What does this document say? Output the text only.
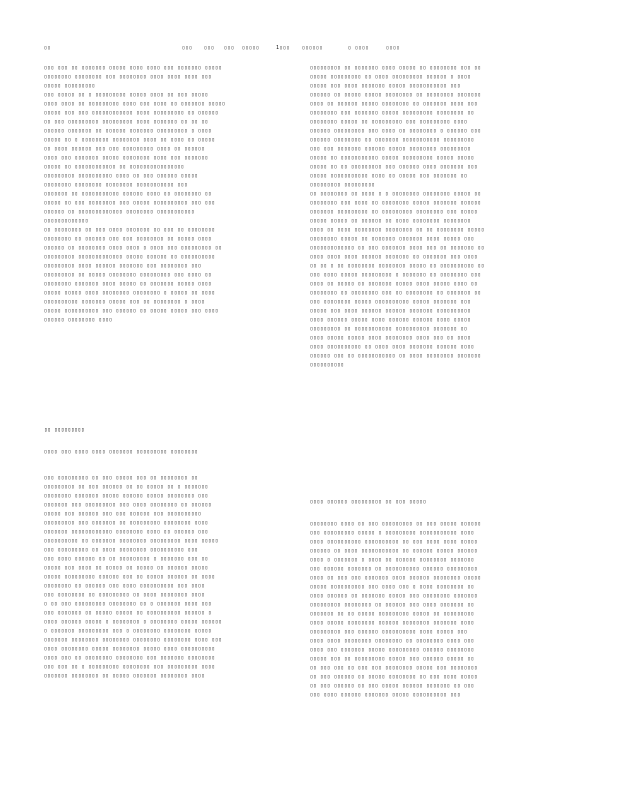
▯▯	▯▯▯ ▯▯▯ ▯▯▯ ▯▯▯▯▯	1▯▯▯ ▯▯▯▯▯▯	▯ ▯▯▯▯	▯▯▯▯
▯▯▯ ▯▯▯ ▯▯ ▯▯▯▯▯▯▯ ▯▯▯▯▯ ▯▯▯▯ ▯▯▯▯ ▯▯▯ ▯▯▯▯▯▯▯ ▯▯▯▯▯
▯▯▯▯▯▯▯▯ ▯▯▯▯▯▯▯▯ ▯▯▯ ▯▯▯▯▯▯▯▯ ▯▯▯▯ ▯▯▯▯ ▯▯▯▯ ▯▯▯
▯▯▯▯▯ ▯▯▯▯▯▯▯▯▯
▯▯▯ ▯▯▯▯▯ ▯▯ ▯ ▯▯▯▯▯▯▯▯▯ ▯▯▯▯▯ ▯▯▯▯ ▯▯ ▯▯▯ ▯▯▯▯▯
▯▯▯▯ ▯▯▯▯ ▯▯ ▯▯▯▯▯▯▯▯▯ ▯▯▯▯ ▯▯▯ ▯▯▯▯ ▯▯ ▯▯▯▯▯▯▯ ▯▯▯▯▯
▯▯▯▯▯ ▯▯▯ ▯▯▯ ▯▯▯▯▯▯▯▯▯▯▯▯ ▯▯▯▯ ▯▯▯▯▯▯▯▯▯ ▯▯ ▯▯▯▯▯▯
▯▯ ▯▯▯ ▯▯▯▯▯▯▯▯▯ ▯▯▯▯▯▯▯▯▯ ▯▯▯▯ ▯▯▯▯▯▯▯ ▯▯ ▯▯ ▯▯
▯▯▯▯▯▯ ▯▯▯▯▯▯▯ ▯▯ ▯▯▯▯▯▯ ▯▯▯▯▯▯▯ ▯▯▯▯▯▯▯▯▯ ▯ ▯▯▯▯
▯▯▯▯▯ ▯▯ ▯ ▯▯▯▯▯▯▯▯ ▯▯▯▯▯▯▯▯ ▯▯▯▯ ▯▯ ▯▯▯▯ ▯▯ ▯▯▯▯▯
▯▯ ▯▯▯▯ ▯▯▯▯▯▯ ▯▯▯ ▯▯▯ ▯▯▯▯▯▯▯▯▯ ▯▯▯▯ ▯▯ ▯▯▯▯▯▯
▯▯▯▯ ▯▯▯ ▯▯▯▯▯▯▯ ▯▯▯▯▯ ▯▯▯▯▯▯▯▯ ▯▯▯▯ ▯▯▯ ▯▯▯▯▯▯▯
▯▯▯▯▯ ▯▯ ▯▯▯▯▯▯▯▯▯▯▯▯ ▯▯ ▯▯▯▯▯▯▯▯▯▯▯▯▯▯▯▯
▯▯▯▯▯▯▯▯▯ ▯▯▯▯▯▯▯▯▯▯ ▯▯▯▯ ▯▯ ▯▯▯ ▯▯▯▯▯▯ ▯▯▯▯▯
▯▯▯▯▯▯▯▯ ▯▯▯▯▯▯▯▯ ▯▯▯▯▯▯▯▯ ▯▯▯▯▯▯▯▯▯▯▯ ▯▯▯
▯▯▯▯▯▯▯ ▯▯ ▯▯▯▯▯▯▯▯▯▯▯ ▯▯▯▯▯▯ ▯▯▯▯ ▯▯ ▯▯▯▯▯▯▯▯ ▯▯
▯▯▯▯▯ ▯▯ ▯▯▯ ▯▯▯▯▯▯▯▯ ▯▯▯ ▯▯▯▯▯ ▯▯▯▯▯▯▯▯▯▯ ▯▯▯ ▯▯▯
▯▯▯▯▯▯ ▯▯ ▯▯▯▯▯▯▯▯▯▯▯▯▯ ▯▯▯▯▯▯▯▯ ▯▯▯▯▯▯▯▯▯▯▯
▯▯▯▯▯▯▯▯▯▯▯▯▯
▯▯ ▯▯▯▯▯▯▯▯ ▯▯ ▯▯▯ ▯▯▯▯ ▯▯▯▯▯▯▯ ▯▯ ▯▯▯ ▯▯ ▯▯▯▯▯▯▯▯
▯▯▯▯▯▯▯▯ ▯▯ ▯▯▯▯▯▯ ▯▯▯ ▯▯▯ ▯▯▯▯▯▯▯▯ ▯▯ ▯▯▯▯▯ ▯▯▯▯
▯▯▯▯▯▯ ▯▯ ▯▯▯▯▯▯▯▯ ▯▯▯▯ ▯▯▯▯ ▯ ▯▯▯▯ ▯▯▯ ▯▯▯▯▯▯▯▯▯ ▯▯
▯▯▯▯▯▯▯▯▯ ▯▯▯▯▯▯▯▯▯▯▯▯▯ ▯▯▯▯▯ ▯▯▯▯▯▯ ▯▯ ▯▯▯▯▯▯▯▯▯▯
▯▯▯▯▯▯▯▯▯ ▯▯▯▯ ▯▯▯▯▯▯ ▯▯▯▯▯▯▯ ▯▯▯ ▯▯▯▯▯▯▯▯ ▯▯▯
▯▯▯▯▯▯▯▯▯ ▯▯ ▯▯▯▯▯ ▯▯▯▯▯▯▯▯ ▯▯▯▯▯▯▯▯▯ ▯▯▯ ▯▯▯▯ ▯▯
▯▯▯▯▯▯▯▯ ▯▯▯▯▯▯▯ ▯▯▯▯ ▯▯▯▯▯ ▯▯ ▯▯▯▯▯▯▯ ▯▯▯▯▯ ▯▯▯▯
▯▯▯▯▯ ▯▯▯▯▯ ▯▯▯▯ ▯▯▯▯▯▯▯▯ ▯▯▯▯▯▯▯▯ ▯ ▯▯▯▯▯ ▯▯ ▯▯▯▯
▯▯▯▯▯▯▯▯▯▯ ▯▯▯▯▯▯▯ ▯▯▯▯▯ ▯▯▯ ▯▯ ▯▯▯▯▯▯▯▯ ▯ ▯▯▯▯
▯▯▯▯▯ ▯▯▯▯▯▯▯▯▯▯ ▯▯▯ ▯▯▯▯▯▯ ▯▯ ▯▯▯▯▯ ▯▯▯▯▯ ▯▯▯ ▯▯▯▯
▯▯▯▯▯▯ ▯▯▯▯▯▯▯▯ ▯▯▯▯
▯▯ ▯▯▯▯▯▯▯▯▯
▯▯▯▯ ▯▯▯ ▯▯▯▯ ▯▯▯▯ ▯▯▯▯▯▯▯ ▯▯▯▯▯▯▯▯▯ ▯▯▯▯▯▯▯▯
▯▯▯ ▯▯▯▯▯▯▯▯▯ ▯▯ ▯▯▯ ▯▯▯▯▯ ▯▯▯ ▯▯ ▯▯▯▯▯▯▯▯ ▯▯
▯▯▯▯▯▯▯▯▯ ▯▯ ▯▯▯ ▯▯▯▯▯▯ ▯▯ ▯▯ ▯▯▯▯▯ ▯▯ ▯ ▯▯▯▯▯▯▯
▯▯▯▯▯▯▯▯ ▯▯▯▯▯▯▯ ▯▯▯▯▯ ▯▯▯▯▯▯ ▯▯▯▯▯ ▯▯▯▯▯▯▯▯ ▯▯▯
▯▯▯▯▯▯▯ ▯▯▯ ▯▯▯▯▯▯▯▯▯ ▯▯▯ ▯▯▯▯ ▯▯▯▯▯▯▯▯ ▯▯ ▯▯▯▯▯▯
▯▯▯▯▯ ▯▯▯ ▯▯▯▯▯▯ ▯▯▯ ▯▯▯ ▯▯▯▯▯▯ ▯▯▯ ▯▯▯▯▯▯▯▯▯▯
▯▯▯▯▯▯▯▯▯ ▯▯▯ ▯▯▯▯▯▯▯ ▯▯ ▯▯▯▯▯▯▯▯▯ ▯▯▯▯▯▯▯▯ ▯▯▯▯
▯▯▯▯▯▯▯ ▯▯▯▯▯▯▯▯▯▯▯▯ ▯▯▯▯▯▯▯▯ ▯▯▯▯ ▯▯ ▯▯▯▯▯▯ ▯▯▯
▯▯▯▯▯▯▯▯▯▯ ▯▯ ▯▯▯▯▯▯▯ ▯▯▯▯▯▯▯▯ ▯▯▯▯▯▯▯▯▯ ▯▯▯▯ ▯▯▯▯▯
▯▯▯ ▯▯▯▯▯▯▯▯▯ ▯▯ ▯▯▯▯ ▯▯▯▯▯▯▯▯ ▯▯▯▯▯▯▯▯▯▯ ▯▯▯
▯▯▯ ▯▯▯▯ ▯▯▯▯▯▯ ▯▯ ▯▯ ▯▯▯▯▯▯▯▯▯ ▯ ▯▯▯▯▯▯▯ ▯▯▯ ▯▯
▯▯▯▯▯ ▯▯▯ ▯▯▯▯ ▯▯ ▯▯▯▯▯ ▯▯ ▯▯▯▯▯ ▯▯ ▯▯▯▯▯▯ ▯▯▯▯▯
▯▯▯▯▯ ▯▯▯▯▯▯▯▯▯ ▯▯▯▯▯▯ ▯▯▯ ▯▯ ▯▯▯▯▯ ▯▯▯▯▯▯ ▯▯ ▯▯▯▯
▯▯▯▯▯▯▯▯ ▯▯ ▯▯▯▯▯▯ ▯▯▯ ▯▯▯▯ ▯▯▯▯▯▯▯▯▯▯ ▯▯▯ ▯▯▯▯
▯▯▯ ▯▯▯▯▯▯▯▯ ▯▯ ▯▯▯▯▯▯▯▯▯ ▯▯ ▯▯▯▯ ▯▯▯▯▯▯▯▯ ▯▯▯▯
▯ ▯▯ ▯▯▯ ▯▯▯▯▯▯▯▯▯ ▯▯▯▯▯▯▯▯ ▯▯ ▯ ▯▯▯▯▯▯▯ ▯▯▯▯ ▯▯▯
▯▯▯ ▯▯▯▯▯▯▯ ▯▯ ▯▯▯▯▯ ▯▯▯▯▯ ▯▯ ▯▯▯▯▯▯▯▯▯▯ ▯▯▯▯▯▯ ▯
▯▯▯▯ ▯▯▯▯▯▯ ▯▯▯▯▯ ▯ ▯▯▯▯▯▯▯▯ ▯ ▯▯▯▯▯▯▯▯ ▯▯▯▯▯ ▯▯▯▯▯▯
▯ ▯▯▯▯▯▯▯ ▯▯▯▯▯▯▯▯▯ ▯▯▯ ▯ ▯▯▯▯▯▯▯▯ ▯▯▯▯▯▯▯▯ ▯▯▯▯▯
▯▯▯▯▯▯▯ ▯▯▯▯▯▯▯▯ ▯▯▯▯▯▯▯▯ ▯▯▯▯▯▯▯▯ ▯▯▯▯▯▯▯▯ ▯▯▯▯ ▯▯▯
▯▯▯▯ ▯▯▯▯▯▯▯▯ ▯▯▯▯▯ ▯▯▯▯▯▯▯▯ ▯▯▯▯▯ ▯▯▯▯ ▯▯▯▯▯▯▯▯▯▯
▯▯▯▯ ▯▯▯ ▯▯ ▯▯▯▯▯▯▯▯ ▯▯▯▯▯▯▯▯ ▯▯▯ ▯▯▯▯▯▯▯ ▯▯▯▯▯▯▯▯
▯▯▯ ▯▯▯ ▯▯ ▯ ▯▯▯▯▯▯▯▯▯ ▯▯▯▯▯▯▯▯ ▯▯▯ ▯▯▯▯▯▯▯▯▯ ▯▯▯▯
▯▯▯▯▯▯▯ ▯▯▯▯▯▯▯▯ ▯▯ ▯▯▯▯▯ ▯▯▯▯▯▯▯ ▯▯▯▯▯▯▯▯ ▯▯▯▯
▯▯▯▯▯▯▯▯▯ ▯▯ ▯▯▯▯▯▯▯ ▯▯▯▯ ▯▯▯▯▯ ▯▯ ▯▯▯▯▯▯▯▯ ▯▯▯ ▯▯
▯▯▯▯▯ ▯▯▯▯▯▯▯▯▯ ▯▯ ▯▯▯▯ ▯▯▯▯▯▯▯▯▯ ▯▯▯▯▯▯ ▯ ▯▯▯▯
▯▯▯▯▯ ▯▯▯ ▯▯▯▯ ▯▯▯▯▯▯▯ ▯▯▯▯▯ ▯▯▯▯▯▯▯▯▯▯▯ ▯▯▯
▯▯▯▯▯▯ ▯▯ ▯▯▯▯▯ ▯▯▯▯▯ ▯▯▯▯▯▯▯▯ ▯▯ ▯▯▯▯▯▯▯▯ ▯▯▯▯▯▯▯
▯▯▯▯ ▯▯ ▯▯▯▯▯▯ ▯▯▯▯▯ ▯▯▯▯▯▯▯▯ ▯▯ ▯▯▯▯▯▯▯ ▯▯▯▯ ▯▯▯
▯▯▯▯▯▯▯▯ ▯▯▯ ▯▯▯▯▯▯▯ ▯▯▯▯▯ ▯▯▯▯▯▯▯▯▯ ▯▯▯▯▯▯▯▯ ▯▯
▯▯▯▯▯▯▯▯ ▯▯▯▯▯ ▯▯ ▯▯▯▯▯▯▯▯▯ ▯▯▯ ▯▯▯▯▯▯▯▯▯ ▯▯▯▯
▯▯▯▯▯▯ ▯▯▯▯▯▯▯▯▯ ▯▯▯ ▯▯▯▯ ▯▯ ▯▯▯▯▯▯▯▯ ▯ ▯▯▯▯▯▯ ▯▯▯
▯▯▯▯▯▯ ▯▯▯▯▯▯▯▯ ▯▯ ▯▯▯▯▯▯▯ ▯▯▯▯▯▯▯▯▯▯▯ ▯▯▯▯▯▯▯▯▯
▯▯▯ ▯▯▯ ▯▯▯▯▯▯▯ ▯▯▯▯▯▯ ▯▯▯▯▯ ▯▯▯▯▯▯▯▯ ▯▯▯▯▯▯▯▯▯
▯▯▯▯▯ ▯▯ ▯▯▯▯▯▯▯▯▯▯▯ ▯▯▯▯▯ ▯▯▯▯▯▯▯▯▯ ▯▯▯▯▯ ▯▯▯▯▯
▯▯▯▯▯ ▯▯ ▯▯ ▯▯▯▯▯▯▯▯▯ ▯▯▯ ▯▯▯▯▯▯ ▯▯▯▯ ▯▯▯▯▯▯▯ ▯▯▯
▯▯▯▯▯ ▯▯▯▯▯▯▯▯▯▯▯ ▯▯▯▯ ▯▯ ▯▯▯▯▯ ▯▯▯ ▯▯▯▯▯▯▯ ▯▯
▯▯▯▯▯▯▯▯▯ ▯▯▯▯▯▯▯▯▯
▯▯ ▯▯▯▯▯▯▯▯ ▯▯ ▯▯▯▯ ▯ ▯ ▯▯▯▯▯▯▯▯ ▯▯▯▯▯▯▯▯ ▯▯▯▯▯ ▯▯
▯▯▯▯▯▯▯▯ ▯▯▯ ▯▯▯▯ ▯▯ ▯▯▯▯▯▯▯▯ ▯▯▯▯▯ ▯▯▯▯▯▯▯ ▯▯▯▯▯▯
▯▯▯▯▯▯▯ ▯▯▯▯▯▯▯▯▯ ▯▯ ▯▯▯▯▯▯▯▯▯ ▯▯▯▯▯▯▯▯ ▯▯▯ ▯▯▯▯▯
▯▯▯▯▯ ▯▯▯▯▯ ▯▯ ▯▯▯▯▯▯ ▯▯ ▯▯▯▯ ▯▯▯▯▯▯▯▯ ▯▯▯▯▯▯▯▯
▯▯▯▯ ▯▯ ▯▯▯▯ ▯▯▯▯▯▯▯▯ ▯▯▯▯▯▯▯▯ ▯▯ ▯▯ ▯▯▯▯▯▯▯▯ ▯▯▯▯▯
▯▯▯▯▯▯▯▯ ▯▯▯▯▯ ▯▯ ▯▯▯▯▯▯▯ ▯▯▯▯▯▯▯ ▯▯▯▯ ▯▯▯▯▯ ▯▯▯
▯▯▯▯▯▯▯▯▯▯▯▯▯ ▯▯ ▯▯▯ ▯▯▯▯▯▯▯ ▯▯▯▯ ▯▯▯ ▯▯ ▯▯▯▯▯▯▯ ▯▯
▯▯▯▯ ▯▯▯▯ ▯▯▯▯ ▯▯▯▯▯▯ ▯▯▯▯▯▯▯ ▯▯ ▯▯▯▯▯▯▯ ▯▯▯ ▯▯▯▯
▯▯ ▯▯ ▯ ▯▯ ▯▯▯▯▯▯▯▯ ▯▯▯▯▯▯▯▯ ▯▯▯▯▯ ▯▯ ▯▯▯▯▯▯▯▯▯▯ ▯▯
▯▯▯ ▯▯▯▯ ▯▯▯▯▯ ▯▯▯▯▯▯▯▯▯ ▯ ▯▯▯▯▯▯▯ ▯▯ ▯▯▯▯▯▯▯▯ ▯▯▯
▯▯▯▯ ▯▯ ▯▯▯▯▯ ▯▯ ▯▯▯▯▯▯▯ ▯▯▯▯▯ ▯▯▯▯ ▯▯▯▯▯ ▯▯▯▯ ▯▯
▯▯▯▯▯▯▯▯ ▯▯ ▯▯▯▯▯▯▯▯ ▯▯▯ ▯▯ ▯▯▯▯▯▯▯▯ ▯▯ ▯▯▯▯▯▯▯ ▯▯
▯▯▯ ▯▯▯▯▯▯▯▯ ▯▯▯▯▯ ▯▯▯▯▯▯▯▯▯▯ ▯▯▯▯▯ ▯▯▯▯▯▯▯ ▯▯▯
▯▯▯▯▯ ▯▯▯ ▯▯▯▯ ▯▯▯▯▯▯ ▯▯▯▯▯▯ ▯▯▯▯▯▯▯ ▯▯▯▯▯▯▯▯▯▯
▯▯▯▯ ▯▯▯▯▯▯ ▯▯▯▯▯ ▯▯▯▯ ▯▯▯▯▯▯ ▯▯▯▯▯▯ ▯▯▯▯ ▯▯▯▯▯
▯▯▯▯▯▯▯▯▯ ▯▯ ▯▯▯▯▯▯▯▯▯▯▯ ▯▯▯▯▯▯▯▯▯▯ ▯▯▯▯▯▯▯ ▯▯
▯▯▯▯ ▯▯▯▯▯ ▯▯▯▯▯ ▯▯▯▯ ▯▯▯▯▯▯▯▯ ▯▯▯▯ ▯▯▯ ▯▯ ▯▯▯▯
▯▯▯▯ ▯▯▯▯▯▯▯▯▯▯ ▯▯ ▯▯▯▯ ▯▯▯▯ ▯▯▯▯▯▯▯ ▯▯▯▯▯▯ ▯▯▯▯
▯▯▯▯▯▯ ▯▯▯ ▯▯ ▯▯▯▯▯▯▯▯▯▯▯ ▯▯ ▯▯▯▯ ▯▯▯▯▯▯▯▯ ▯▯▯▯▯▯▯
▯▯▯▯▯▯▯▯▯▯
▯▯▯▯ ▯▯▯▯▯▯ ▯▯▯▯▯▯▯▯▯ ▯▯ ▯▯▯ ▯▯▯▯▯
▯▯▯▯▯▯▯▯ ▯▯▯▯ ▯▯ ▯▯▯ ▯▯▯▯▯▯▯▯▯ ▯▯ ▯▯▯ ▯▯▯▯▯ ▯▯▯▯▯▯
▯▯▯ ▯▯▯▯▯▯▯▯▯ ▯▯▯▯▯ ▯ ▯▯▯▯▯▯▯▯▯ ▯▯▯▯▯▯▯▯▯▯▯ ▯▯▯▯
▯▯▯▯ ▯▯▯▯▯▯▯▯▯▯ ▯▯▯▯▯▯▯▯▯▯ ▯▯ ▯▯▯ ▯▯▯▯ ▯▯▯▯ ▯▯▯▯▯
▯▯▯▯▯▯ ▯▯ ▯▯▯▯ ▯▯▯▯▯▯▯▯▯▯▯ ▯▯ ▯▯▯▯▯▯ ▯▯▯▯▯ ▯▯▯▯▯▯
▯▯▯▯ ▯ ▯▯▯▯▯▯▯ ▯ ▯▯▯▯ ▯▯ ▯▯▯▯▯▯ ▯▯▯▯▯▯▯▯ ▯▯▯▯▯▯▯
▯▯▯ ▯▯▯▯▯▯ ▯▯▯▯▯▯▯ ▯▯ ▯▯▯▯▯▯▯▯▯▯ ▯▯▯▯▯▯ ▯▯▯▯▯▯▯▯▯
▯▯▯▯ ▯▯ ▯▯▯ ▯▯▯ ▯▯▯▯▯▯▯ ▯▯▯▯ ▯▯▯▯▯▯ ▯▯▯▯▯▯▯▯ ▯▯▯▯▯
▯▯▯▯▯ ▯▯▯▯▯▯▯▯▯▯ ▯▯▯ ▯▯▯▯ ▯▯▯ ▯ ▯▯▯▯ ▯▯▯▯▯▯▯▯ ▯▯
▯▯▯▯ ▯▯▯▯▯▯ ▯▯ ▯▯▯▯▯▯▯ ▯▯▯▯▯ ▯▯▯ ▯▯▯▯▯▯▯▯ ▯▯▯▯▯▯▯
▯▯▯▯▯▯▯▯▯ ▯▯▯▯▯▯▯▯ ▯▯ ▯▯▯▯▯▯ ▯▯▯ ▯▯▯▯ ▯▯▯▯▯▯▯ ▯▯
▯▯▯▯▯▯▯ ▯▯ ▯▯ ▯▯▯▯▯ ▯▯▯▯▯▯▯▯▯ ▯▯▯▯▯ ▯▯ ▯▯▯▯▯▯▯▯▯
▯▯▯▯ ▯▯▯▯▯ ▯▯▯▯▯▯▯▯ ▯▯▯▯▯▯ ▯▯▯▯▯▯▯▯ ▯▯▯▯▯▯▯ ▯▯▯▯
▯▯▯▯▯▯▯▯▯ ▯▯▯ ▯▯▯▯▯▯ ▯▯▯▯▯▯▯▯▯▯ ▯▯▯▯ ▯▯▯▯▯ ▯▯▯
▯▯▯▯ ▯▯▯▯ ▯▯▯▯▯▯▯▯ ▯▯▯▯▯▯▯▯ ▯▯ ▯▯▯▯▯▯▯▯ ▯▯▯▯ ▯▯▯
▯▯▯▯ ▯▯▯ ▯▯▯▯▯▯▯ ▯▯▯▯▯ ▯▯▯▯▯▯▯▯▯ ▯▯▯▯▯▯ ▯▯▯▯▯▯▯▯
▯▯▯▯▯ ▯▯▯ ▯▯ ▯▯▯▯▯▯▯▯▯ ▯▯▯▯▯ ▯▯▯ ▯▯▯▯▯▯ ▯▯▯▯▯ ▯▯
▯▯ ▯▯▯ ▯▯▯ ▯▯ ▯▯▯ ▯▯▯ ▯▯▯▯▯▯▯▯ ▯▯▯▯▯ ▯▯▯ ▯▯▯▯▯▯▯▯
▯▯ ▯▯▯ ▯▯▯▯▯▯ ▯▯ ▯▯▯▯▯ ▯▯▯▯▯▯▯▯ ▯▯ ▯▯▯ ▯▯▯▯ ▯▯▯▯▯
▯▯ ▯▯▯ ▯▯▯▯▯▯ ▯▯ ▯▯▯ ▯▯▯▯▯ ▯▯▯▯▯▯ ▯▯▯▯▯▯▯ ▯▯ ▯▯▯
▯▯▯ ▯▯▯▯ ▯▯▯▯▯▯ ▯▯▯▯▯▯▯ ▯▯▯▯▯ ▯▯▯▯▯▯▯▯▯▯ ▯▯▯
